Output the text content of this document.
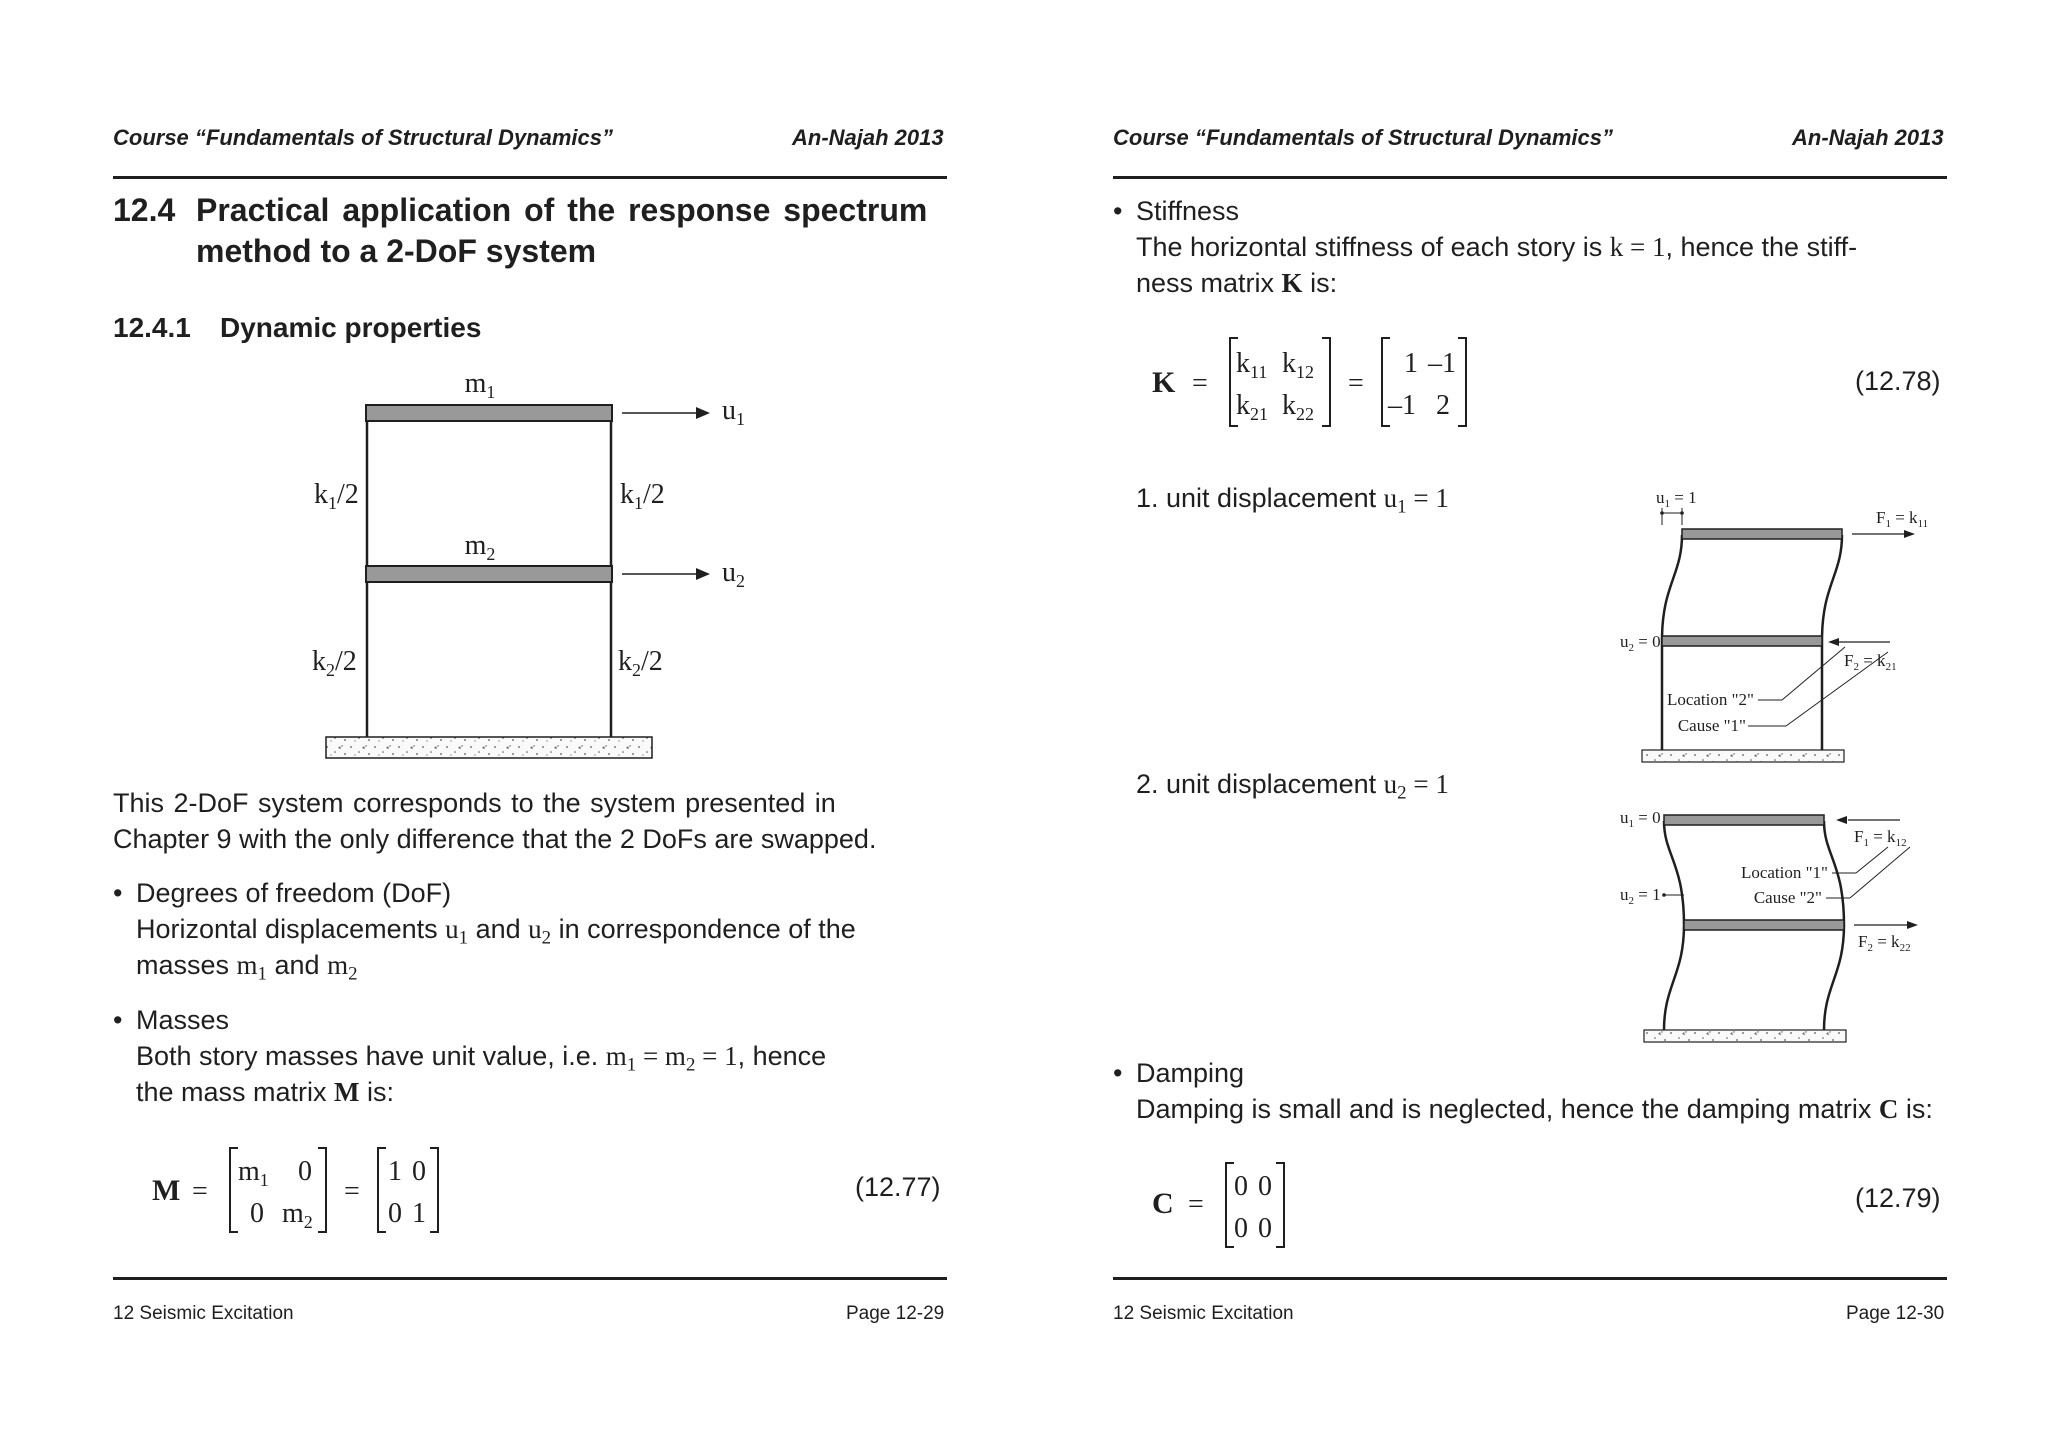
Course “Fundamentals of Structural Dynamics”	An-Najah 2013
12.4 Practical application of the response spectrum
method to a 2-DoF system
12.4.1 Dynamic properties
$m_1$
$m_2$
$u_1$
$u_2$
$k_1/2$	$k_1/2$
$k_2/2$	$k_2/2$
This 2-DoF system corresponds to the system presented in
Chapter 9 with the only difference that the 2 DoFs are swapped.
• Degrees of freedom (DoF)
Horizontal displacements $u_1$ and $u_2$ in correspondence of the
masses $m_1$ and $m_2$
• Masses
Both story masses have unit value, i.e. $m_1 = m_2 = 1$, hence
the mass matrix M is:
M =
$m_1$ 0
0 $m_2$
=
1 0
0 1
(12.77)
12 Seismic Excitation	Page 12-29
Course “Fundamentals of Structural Dynamics”	An-Najah 2013
• Stiffness
The horizontal stiffness of each story is k = 1, hence the stiff-
ness matrix K is:
K =
$k_{11}$ $k_{12}$
$k_{21}$ $k_{22}$
=
1 –1
–1 2
(12.78)
1. unit displacement $u_1 = 1$	$u_1 = 1$
$F_1 = k_{11}$
$u_2 = 0$
$F_2 = k_{21}$
Location "2"
Cause "1"
2. unit displacement $u_2 = 1$
$u_1 = 0$
$F_1 = k_{12}$
Location "1"
Cause "2"
$u_2 = 1$
$F_2 = k_{22}$
• Damping
Damping is small and is neglected, hence the damping matrix C is:
C =
0 0
0 0
(12.79)
12 Seismic Excitation	Page 12-30
